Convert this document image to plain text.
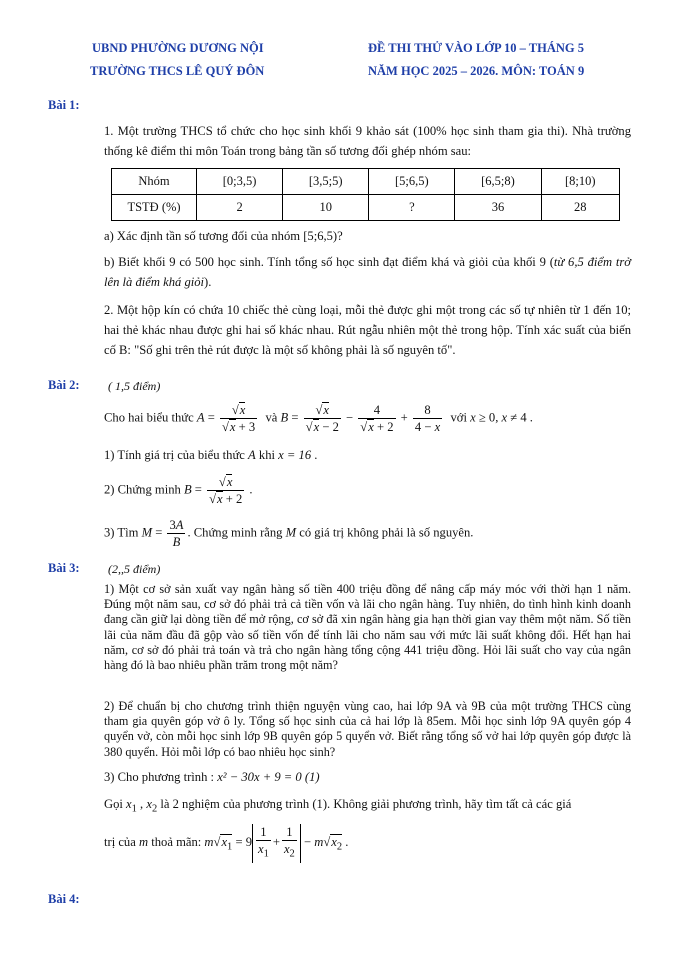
UBND PHƯỜNG DƯƠNG NỘI
TRƯỜNG THCS LÊ QUÝ ĐÔN
ĐỀ THI THỬ VÀO LỚP 10 – THÁNG 5
NĂM HỌC 2025 – 2026. MÔN: TOÁN 9
Bài 1:
1. Một trường THCS tổ chức cho học sinh khối 9 khảo sát (100% học sinh tham gia thi). Nhà trường thống kê điểm thi môn Toán trong bảng tần số tương đối ghép nhóm sau:
Nhóm	[0;3,5)	[3,5;5)	[5;6,5)	[6,5;8)	[8;10)
TSTĐ (%)	2	10	?	36	28
a) Xác định tần số tương đối của nhóm [5;6,5)?
b) Biết khối 9 có 500 học sinh. Tính tổng số học sinh đạt điểm khá và giỏi của khối 9 (từ 6,5 điểm trở lên là điểm khá giỏi).
2. Một hộp kín có chứa 10 chiếc thẻ cùng loại, mỗi thẻ được ghi một trong các số tự nhiên từ 1 đến 10; hai thẻ khác nhau được ghi hai số khác nhau. Rút ngẫu nhiên một thẻ trong hộp. Tính xác suất của biến cố B: "Số ghi trên thẻ rút được là một số không phải là số nguyên tố".
Bài 2: ( 1,5 điểm)
Cho hai biểu thức $A = \frac{√x}{√x + 3}$ và $B = \frac{√x}{√x - 2} - \frac{4}{√x + 2} + \frac{8}{4 - x}$ với x ≥ 0, x ≠ 4 .
1) Tính giá trị của biểu thức A khi x = 16 .
2) Chứng minh $B = \frac{√x}{√x + 2}$ .
3) Tìm $M = \frac{3A}{B}$ . Chứng minh rằng M có giá trị không phải là số nguyên.
Bài 3: (2,,5 điểm)
1) Một cơ sở sản xuất vay ngân hàng số tiền 400 triệu đồng để nâng cấp máy móc với thời hạn 1 năm. Đúng một năm sau, cơ sở đó phải trả cả tiền vốn và lãi cho ngân hàng. Tuy nhiên, do tình hình kinh doanh đang cần giữ lại dòng tiền để mở rộng, cơ sở đã xin ngân hàng gia hạn thời gian vay thêm một năm. Số tiền lãi của năm đầu đã gộp vào số tiền vốn để tính lãi cho năm sau với mức lãi suất không đổi. Hết hạn hai năm, cơ sở đó phải trả toán và trả cho ngân hàng tổng cộng 441 triệu đồng. Hỏi lãi suất cho vay của ngân hàng đó là bao nhiêu phần trăm trong một năm?
2) Để chuẩn bị cho chương trình thiện nguyện vùng cao, hai lớp 9A và 9B của một trường THCS cùng tham gia quyên góp vở ô ly. Tổng số học sinh của cả hai lớp là 85em. Mỗi học sinh lớp 9A quyên góp 4 quyển vở, còn mỗi học sinh lớp 9B quyên góp 5 quyển vở. Biết rằng tổng số vở hai lớp quyên góp được là 380 quyển. Hỏi mỗi lớp có bao nhiêu học sinh?
3) Cho phương trình : x² − 30x + 9 = 0 (1)
Gọi $x_1$ , $x_2$ là 2 nghiệm của phương trình (1). Không giải phương trình, hãy tìm tất cả các giá
trị của m thoả mãn: $m√x_1 = 9 \frac{1}{x_1} + \frac{1}{x_2} - m√x_2$ .
Bài 4:
